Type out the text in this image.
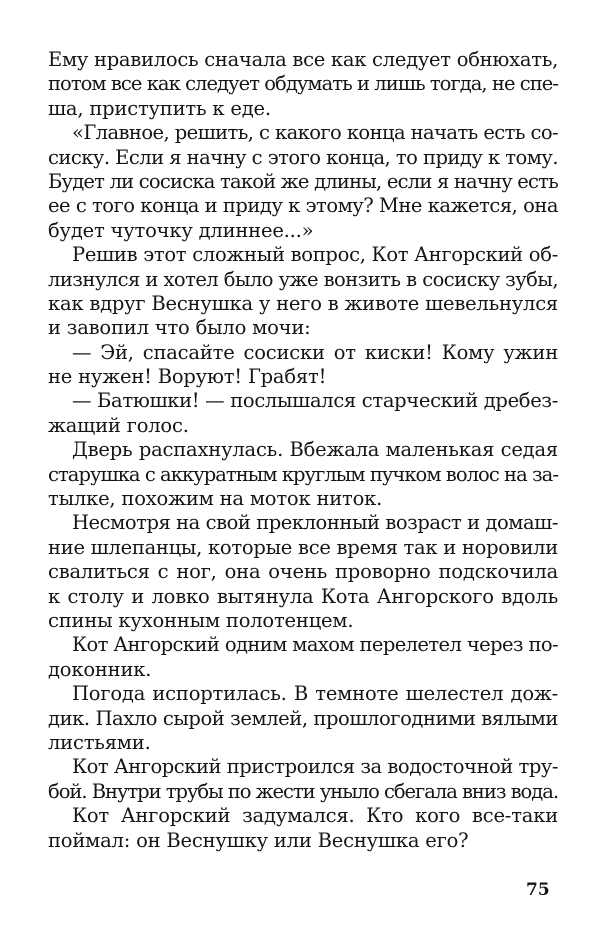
Ему нравилось сначала все как следует обнюхать,
потом все как следует обдумать и лишь тогда, не спе-
ша, приступить к еде.
«Главное, решить, с какого конца начать есть со-
сиску. Если я начну с этого конца, то приду к тому.
Будет ли сосиска такой же длины, если я начну есть
ее с того конца и приду к этому? Мне кажется, она
будет чуточку длиннее...»
Решив этот сложный вопрос, Кот Ангорский об-
лизнулся и хотел было уже вонзить в сосиску зубы,
как вдруг Веснушка у него в животе шевельнулся
и завопил что было мочи:
— Эй, спасайте сосиски от киски! Кому ужин
не нужен! Воруют! Грабят!
— Батюшки! — послышался старческий дребез-
жащий голос.
Дверь распахнулась. Вбежала маленькая седая
старушка с аккуратным круглым пучком волос на за-
тылке, похожим на моток ниток.
Несмотря на свой преклонный возраст и домаш-
ние шлепанцы, которые все время так и норовили
свалиться с ног, она очень проворно подскочила
к столу и ловко вытянула Кота Ангорского вдоль
спины кухонным полотенцем.
Кот Ангорский одним махом перелетел через по-
доконник.
Погода испортилась. В темноте шелестел дож-
дик. Пахло сырой землей, прошлогодними вялыми
листьями.
Кот Ангорский пристроился за водосточной тру-
бой. Внутри трубы по жести уныло сбегала вниз вода.
Кот Ангорский задумался. Кто кого все-таки
поймал: он Веснушку или Веснушка его?
75
